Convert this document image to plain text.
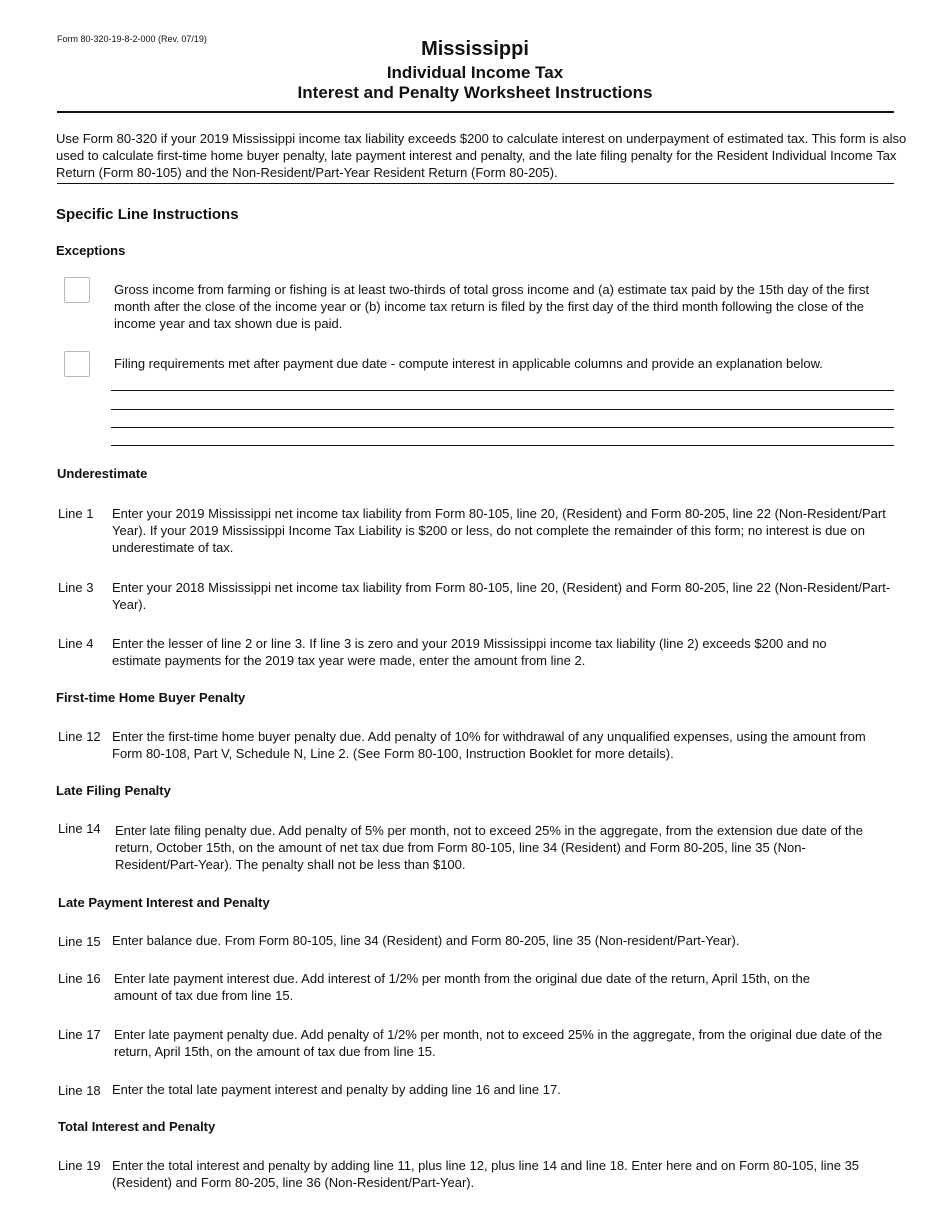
Form 80-320-19-8-2-000 (Rev. 07/19)	Mississippi
Individual Income Tax
Interest and Penalty Worksheet Instructions
Use Form 80-320 if your 2019 Mississippi income tax liability exceeds $200 to calculate interest on underpayment of estimated tax. This form is also used to calculate first-time home buyer penalty, late payment interest and penalty, and the late filing penalty for the Resident Individual Income Tax Return (Form 80-105) and the Non-Resident/Part-Year Resident Return (Form 80-205).
Specific Line Instructions
Exceptions
Gross income from farming or fishing is at least two-thirds of total gross income and (a) estimate tax paid by the 15th day of the first month after the close of the income year or (b) income tax return is filed by the first day of the third month following the close of the income year and tax shown due is paid.
Filing requirements met after payment due date - compute interest in applicable columns and provide an explanation below.
Underestimate
Line 1 Enter your 2019 Mississippi net income tax liability from Form 80-105, line 20, (Resident) and Form 80-205, line 22 (Non-Resident/Part Year). If your 2019 Mississippi Income Tax Liability is $200 or less, do not complete the remainder of this form; no interest is due on underestimate of tax.
Line 3 Enter your 2018 Mississippi net income tax liability from Form 80-105, line 20, (Resident) and Form 80-205, line 22 (Non-Resident/Part-Year).
Line 4 Enter the lesser of line 2 or line 3. If line 3 is zero and your 2019 Mississippi income tax liability (line 2) exceeds $200 and no estimate payments for the 2019 tax year were made, enter the amount from line 2.
First-time Home Buyer Penalty
Line 12 Enter the first-time home buyer penalty due. Add penalty of 10% for withdrawal of any unqualified expenses, using the amount from Form 80-108, Part V, Schedule N, Line 2. (See Form 80-100, Instruction Booklet for more details).
Late Filing Penalty
Line 14 Enter late filing penalty due. Add penalty of 5% per month, not to exceed 25% in the aggregate, from the extension due date of the return, October 15th, on the amount of net tax due from Form 80-105, line 34 (Resident) and Form 80-205, line 35 (Non-Resident/Part-Year). The penalty shall not be less than $100.
Late Payment Interest and Penalty
Line 15 Enter balance due. From Form 80-105, line 34 (Resident) and Form 80-205, line 35 (Non-resident/Part-Year).
Line 16 Enter late payment interest due. Add interest of 1/2% per month from the original due date of the return, April 15th, on the amount of tax due from line 15.
Line 17 Enter late payment penalty due. Add penalty of 1/2% per month, not to exceed 25% in the aggregate, from the original due date of the return, April 15th, on the amount of tax due from line 15.
Line 18 Enter the total late payment interest and penalty by adding line 16 and line 17.
Total Interest and Penalty
Line 19 Enter the total interest and penalty by adding line 11, plus line 12, plus line 14 and line 18. Enter here and on Form 80-105, line 35 (Resident) and Form 80-205, line 36 (Non-Resident/Part-Year).
